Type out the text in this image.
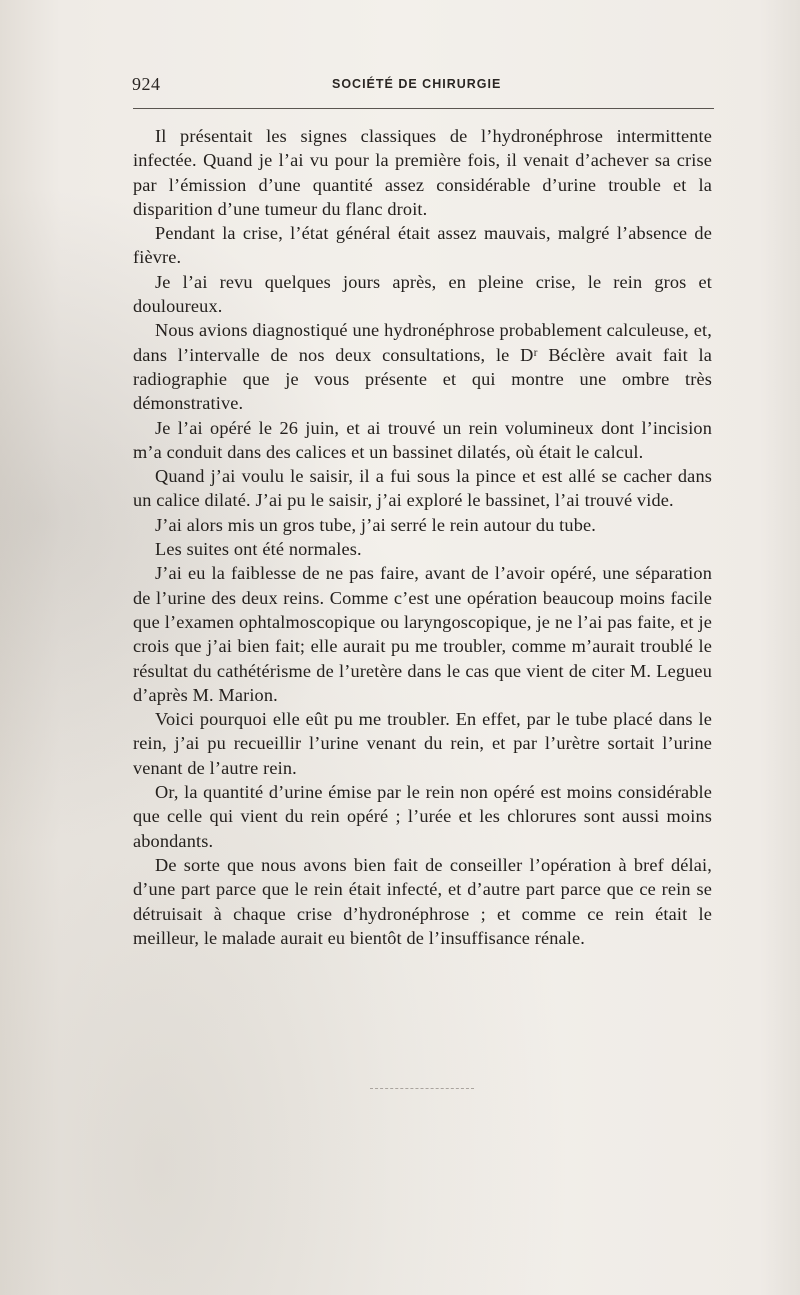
924	SOCIÉTÉ DE CHIRURGIE

Il présentait les signes classiques de l’hydronéphrose intermittente infectée. Quand je l’ai vu pour la première fois, il venait d’achever sa crise par l’émission d’une quantité assez considérable d’urine trouble et la disparition d’une tumeur du flanc droit.

Pendant la crise, l’état général était assez mauvais, malgré l’absence de fièvre.

Je l’ai revu quelques jours après, en pleine crise, le rein gros et douloureux.

Nous avions diagnostiqué une hydronéphrose probablement calculeuse, et, dans l’intervalle de nos deux consultations, le Dʳ Béclère avait fait la radiographie que je vous présente et qui montre une ombre très démonstrative.

Je l’ai opéré le 26 juin, et ai trouvé un rein volumineux dont l’incision m’a conduit dans des calices et un bassinet dilatés, où était le calcul.

Quand j’ai voulu le saisir, il a fui sous la pince et est allé se cacher dans un calice dilaté. J’ai pu le saisir, j’ai exploré le bassinet, l’ai trouvé vide.

J’ai alors mis un gros tube, j’ai serré le rein autour du tube.

Les suites ont été normales.

J’ai eu la faiblesse de ne pas faire, avant de l’avoir opéré, une séparation de l’urine des deux reins. Comme c’est une opération beaucoup moins facile que l’examen ophtalmoscopique ou laryngoscopique, je ne l’ai pas faite, et je crois que j’ai bien fait; elle aurait pu me troubler, comme m’aurait troublé le résultat du cathétérisme de l’uretère dans le cas que vient de citer M. Legueu d’après M. Marion.

Voici pourquoi elle eût pu me troubler. En effet, par le tube placé dans le rein, j’ai pu recueillir l’urine venant du rein, et par l’urètre sortait l’urine venant de l’autre rein.

Or, la quantité d’urine émise par le rein non opéré est moins considérable que celle qui vient du rein opéré ; l’urée et les chlorures sont aussi moins abondants.

De sorte que nous avons bien fait de conseiller l’opération à bref délai, d’une part parce que le rein était infecté, et d’autre part parce que ce rein se détruisait à chaque crise d’hydronéphrose ; et comme ce rein était le meilleur, le malade aurait eu bientôt de l’insuffisance rénale.
